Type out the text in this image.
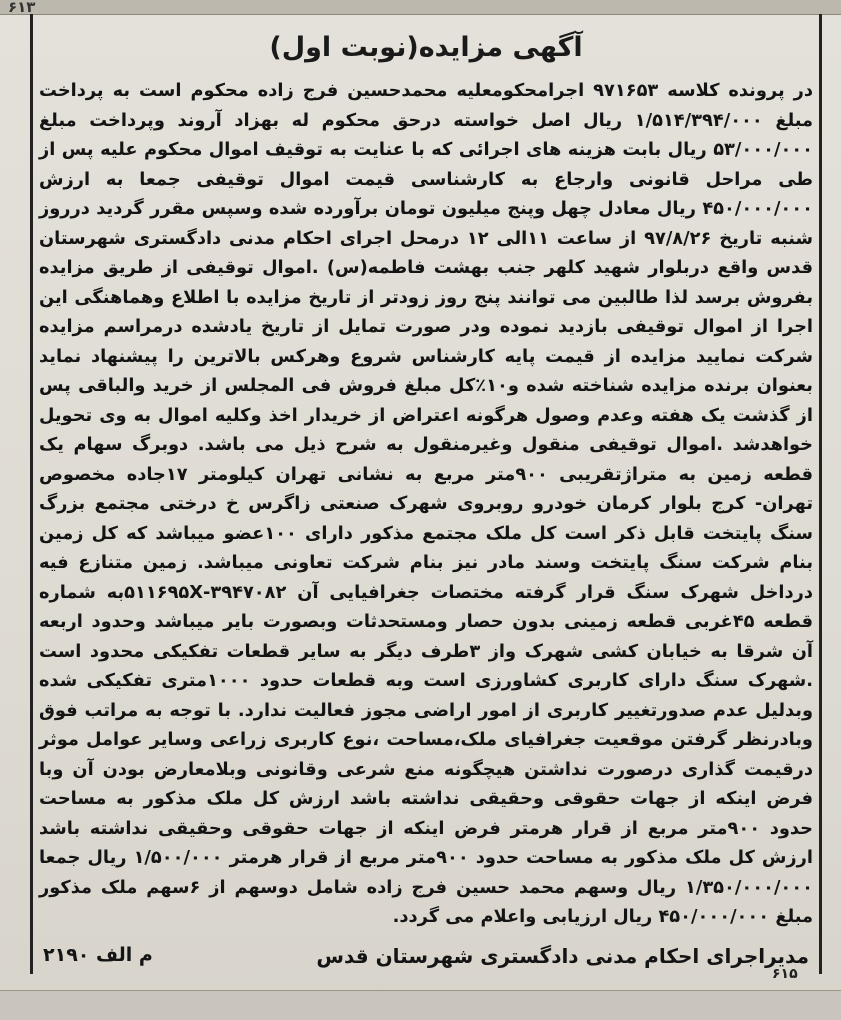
۶۱۳
آگهی مزایده(نوبت اول)
در پرونده کلاسه ۹۷۱۶۵۳ اجرامحکومعلیه محمدحسین فرج زاده محکوم است به پرداخت مبلغ ۱/۵۱۴/۳۹۴/۰۰۰ ریال اصل خواسته درحق محکوم له بهزاد آروند وپرداخت مبلغ ۵۳/۰۰۰/۰۰۰ ریال بابت هزینه های اجرائی که با عنایت به توقیف اموال محکوم علیه پس از طی مراحل قانونی وارجاع به کارشناسی قیمت اموال توقیفی جمعا به ارزش ۴۵۰/۰۰۰/۰۰۰ ریال معادل چهل وپنج میلیون تومان برآورده شده وسپس مقرر گردید درروز شنبه تاریخ ۹۷/۸/۲۶ از ساعت ۱۱الی ۱۲ درمحل اجرای احکام مدنی دادگستری شهرستان قدس واقع دربلوار شهید کلهر جنب بهشت فاطمه(س) .اموال توقیفی از طریق مزایده بفروش برسد لذا طالبین می توانند پنج روز زودتر از تاریخ مزایده با اطلاع وهماهنگی این اجرا از اموال توقیفی بازدید نموده ودر صورت تمایل از تاریخ یادشده درمراسم مزایده شرکت نمایید مزایده از قیمت پایه کارشناس شروع وهرکس بالاترین را پیشنهاد نماید بعنوان برنده مزایده شناخته شده و۱۰٪کل مبلغ فروش فی المجلس از خرید والباقی پس از گذشت یک هفته وعدم وصول هرگونه اعتراض از خریدار اخذ وکلیه اموال به وی تحویل خواهدشد .اموال توقیفی منقول وغیرمنقول به شرح ذیل می باشد. دوبرگ سهام یک قطعه زمین به متراژتقریبی ۹۰۰متر مربع به نشانی تهران کیلومتر ۱۷جاده مخصوص تهران- کرج بلوار کرمان خودرو روبروی شهرک صنعتی زاگرس خ درختی مجتمع بزرگ سنگ پایتخت قابل ذکر است کل ملک مجتمع مذکور دارای ۱۰۰عضو میباشد که کل زمین بنام شرکت سنگ پایتخت وسند مادر نیز بنام شرکت تعاونی میباشد. زمین متنازع فیه درداخل شهرک سنگ قرار گرفته مختصات جغرافیایی آن ۳۹۴۷۰۸۲-۵۱۱۶۹۵Xبه شماره قطعه ۴۵غربی قطعه زمینی بدون حصار ومستحدثات وبصورت بایر میباشد وحدود اربعه آن شرقا به خیابان کشی شهرک واز ۳طرف دیگر به سایر قطعات تفکیکی محدود است .شهرک سنگ دارای کاربری کشاورزی است وبه قطعات حدود ۱۰۰۰متری تفکیکی شده وبدلیل عدم صدورتغییر کاربری از امور اراضی مجوز فعالیت ندارد. با توجه به مراتب فوق وبادرنظر گرفتن موقعیت جغرافیای ملک،مساحت ،نوع کاربری زراعی وسایر عوامل موثر درقیمت گذاری درصورت نداشتن هیچگونه منع شرعی وقانونی وبلامعارض بودن آن وبا فرض اینکه از جهات حقوقی وحقیقی نداشته باشد ارزش کل ملک مذکور به مساحت حدود ۹۰۰متر مربع از قرار هرمتر فرض اینکه از جهات حقوقی وحقیقی نداشته باشد ارزش کل ملک مذکور به مساحت حدود ۹۰۰متر مربع از قرار هرمتر ۱/۵۰۰/۰۰۰ ریال جمعا ۱/۳۵۰/۰۰۰/۰۰۰ ریال وسهم محمد حسین فرج زاده شامل دوسهم از ۶سهم ملک مذکور مبلغ ۴۵۰/۰۰۰/۰۰۰ ریال ارزیابی واعلام می گردد.
مدیراجرای احکام مدنی دادگستری شهرستان قدس
م الف ۲۱۹۰
۶۱۵
